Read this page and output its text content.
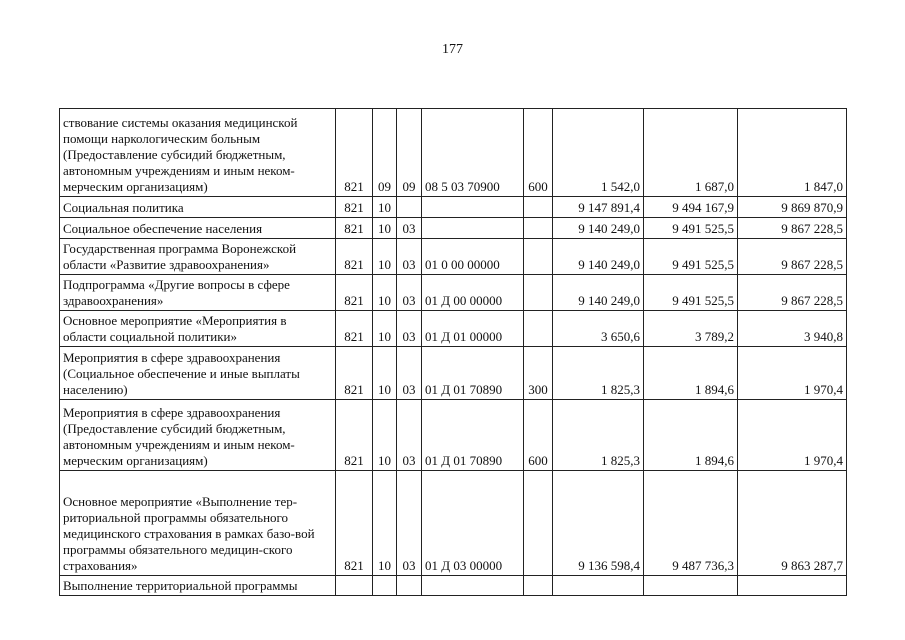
177
ствование системы оказания медицинской помощи наркологическим больным (Предоставление субсидий бюджетным, автономным учреждениям и иным неком-мерческим организациям)	821	09	09	08 5 03 70900	600	1 542,0	1 687,0	1 847,0
Социальная политика	821	10				9 147 891,4	9 494 167,9	9 869 870,9
Социальное обеспечение населения	821	10	03			9 140 249,0	9 491 525,5	9 867 228,5
Государственная программа Воронежской области «Развитие здравоохранения»	821	10	03	01 0 00 00000		9 140 249,0	9 491 525,5	9 867 228,5
Подпрограмма «Другие вопросы в сфере здравоохранения»	821	10	03	01 Д 00 00000		9 140 249,0	9 491 525,5	9 867 228,5
Основное мероприятие «Мероприятия в области социальной политики»	821	10	03	01 Д 01 00000		3 650,6	3 789,2	3 940,8
Мероприятия в сфере здравоохранения (Социальное обеспечение и иные выплаты населению)	821	10	03	01 Д 01 70890	300	1 825,3	1 894,6	1 970,4
Мероприятия в сфере здравоохранения (Предоставление субсидий бюджетным, автономным учреждениям и иным неком-мерческим организациям)	821	10	03	01 Д 01 70890	600	1 825,3	1 894,6	1 970,4
Основное мероприятие «Выполнение тер-риториальной программы обязательного медицинского страхования в рамках базо-вой программы обязательного медицин-ского страхования»	821	10	03	01 Д 03 00000		9 136 598,4	9 487 736,3	9 863 287,7
Выполнение территориальной программы								
